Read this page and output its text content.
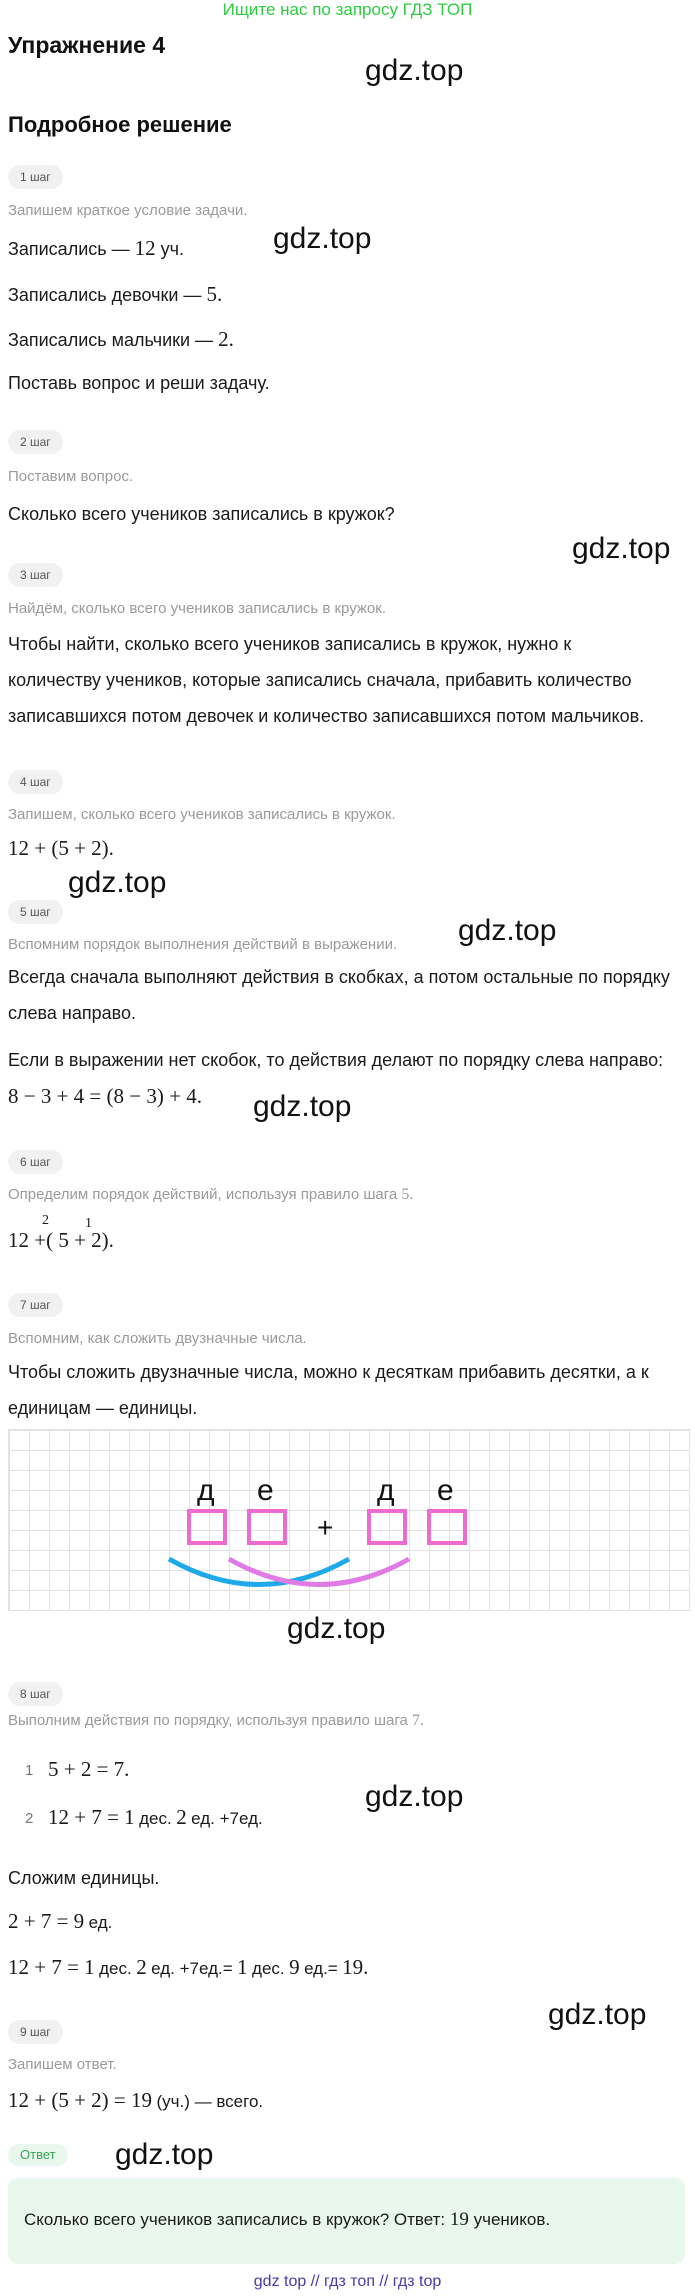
Ищите нас по запросу ГДЗ ТОП
Упражнение 4
gdz.top
Подробное решение
1 шаг
Запишем краткое условие задачи.
Записались — 12 уч.	gdz.top
Записались девочки — 5.
Записались мальчики — 2.
Поставь вопрос и реши задачу.
2 шаг
Поставим вопрос.
Сколько всего учеников записались в кружок?
gdz.top
3 шаг
Найдём, сколько всего учеников записались в кружок.
Чтобы найти, сколько всего учеников записались в кружок, нужно к
количеству учеников, которые записались сначала, прибавить количество
записавшихся потом девочек и количество записавшихся потом мальчиков.
4 шаг
Запишем, сколько всего учеников записались в кружок.
12 + (5 + 2).
gdz.top
5 шаг
Вспомним порядок выполнения действий в выражении. gdz.top
Всегда сначала выполняют действия в скобках, а потом остальные по порядку
слева направо.
Если в выражении нет скобок, то действия делают по порядку слева направо:
8 − 3 + 4 = (8 − 3) + 4. gdz.top
6 шаг
Определим порядок действий, используя правило шага 5.
12 +( 5 + 2).
2	1
7 шаг
Вспомним, как сложить двузначные числа.
Чтобы сложить двузначные числа, можно к десяткам прибавить десятки, а к
единицам — единицы.
д е
+
д е
gdz.top
8 шаг
Выполним действия по порядку, используя правило шага 7.
1 5 + 2 = 7.
2 12 + 7 = 1 дес. 2 ед. +7ед.
gdz.top
Сложим единицы.
2 + 7 = 9 ед.
12 + 7 = 1 дес. 2 ед. +7ед.= 1 дес. 9 ед.= 19.
gdz.top
9 шаг
Запишем ответ.
12 + (5 + 2) = 19 (уч.) — всего.
Ответ	gdz.top
Сколько всего учеников записались в кружок? Ответ: 19 учеников.
gdz top // гдз топ // гдз top
